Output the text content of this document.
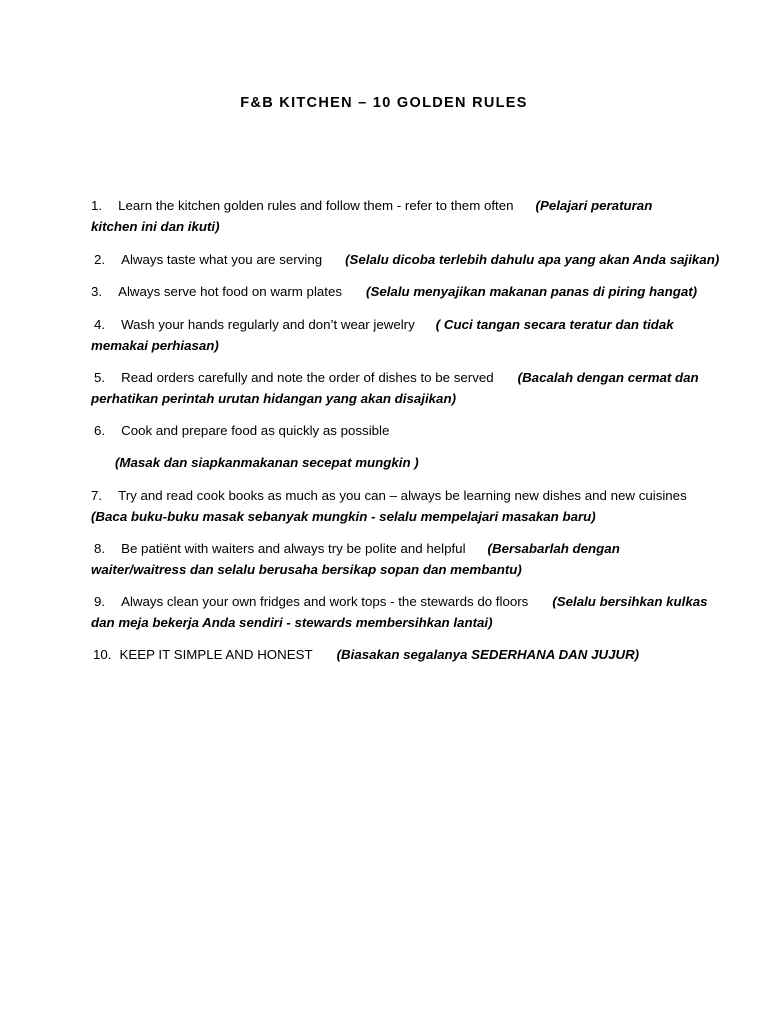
F&B KITCHEN – 10 GOLDEN RULES
1. Learn the kitchen golden rules and follow them - refer to them often (Pelajari peraturan
kitchen ini dan ikuti)
2. Always taste what you are serving (Selalu dicoba terlebih dahulu apa yang akan Anda sajikan)
3. Always serve hot food on warm plates (Selalu menyajikan makanan panas di piring hangat)
4. Wash your hands regularly and don’t wear jewelry ( Cuci tangan secara teratur dan tidak
memakai perhiasan)
5. Read orders carefully and note the order of dishes to be served (Bacalah dengan cermat dan
perhatikan perintah urutan hidangan yang akan disajikan)
6. Cook and prepare food as quickly as possible
(Masak dan siapkanmakanan secepat mungkin )
7. Try and read cook books as much as you can – always be learning new dishes and new cuisines
(Baca buku-buku masak sebanyak mungkin - selalu mempelajari masakan baru)
8. Be patiënt with waiters and always try be polite and helpful (Bersabarlah dengan
waiter/waitress dan selalu berusaha bersikap sopan dan membantu)
9. Always clean your own fridges and work tops - the stewards do floors (Selalu bersihkan kulkas
dan meja bekerja Anda sendiri - stewards membersihkan lantai)
10. KEEP IT SIMPLE AND HONEST (Biasakan segalanya SEDERHANA DAN JUJUR)
